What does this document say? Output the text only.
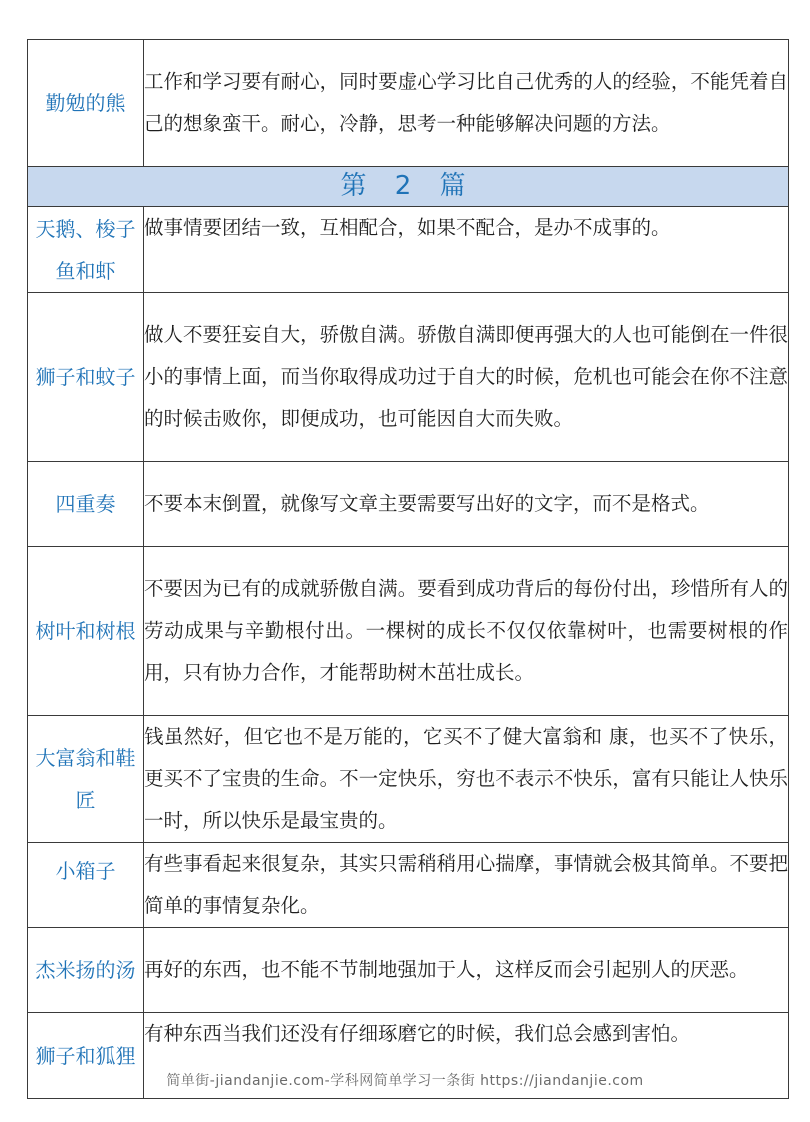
勤勉的熊	工作和学习要有耐心，同时要虚心学习比自己优秀的人的经验，不能凭着自己的想象蛮干。耐心，冷静，思考一种能够解决问题的方法。
第 2 篇	
天鹅、梭子鱼和虾	做事情要团结一致，互相配合，如果不配合，是办不成事的。
狮子和蚊子	做人不要狂妄自大，骄傲自满。骄傲自满即便再强大的人也可能倒在一件很小的事情上面，而当你取得成功过于自大的时候，危机也可能会在你不注意的时候击败你，即便成功，也可能因自大而失败。
四重奏	不要本末倒置，就像写文章主要需要写出好的文字，而不是格式。
树叶和树根	不要因为已有的成就骄傲自满。要看到成功背后的每份付出，珍惜所有人的劳动成果与辛勤根付出。一棵树的成长不仅仅依靠树叶，也需要树根的作用，只有协力合作，才能帮助树木茁壮成长。
大富翁和鞋匠	钱虽然好，但它也不是万能的，它买不了健大富翁和 康，也买不了快乐，更买不了宝贵的生命。不一定快乐，穷也不表示不快乐，富有只能让人快乐一时，所以快乐是最宝贵的。
小箱子	有些事看起来很复杂，其实只需稍稍用心揣摩，事情就会极其简单。不要把简单的事情复杂化。
杰米扬的汤	再好的东西，也不能不节制地强加于人，这样反而会引起别人的厌恶。
狮子和狐狸	有种东西当我们还没有仔细琢磨它的时候，我们总会感到害怕。
简单街-jiandanjie.com-学科网简单学习一条街 https://jiandanjie.com
